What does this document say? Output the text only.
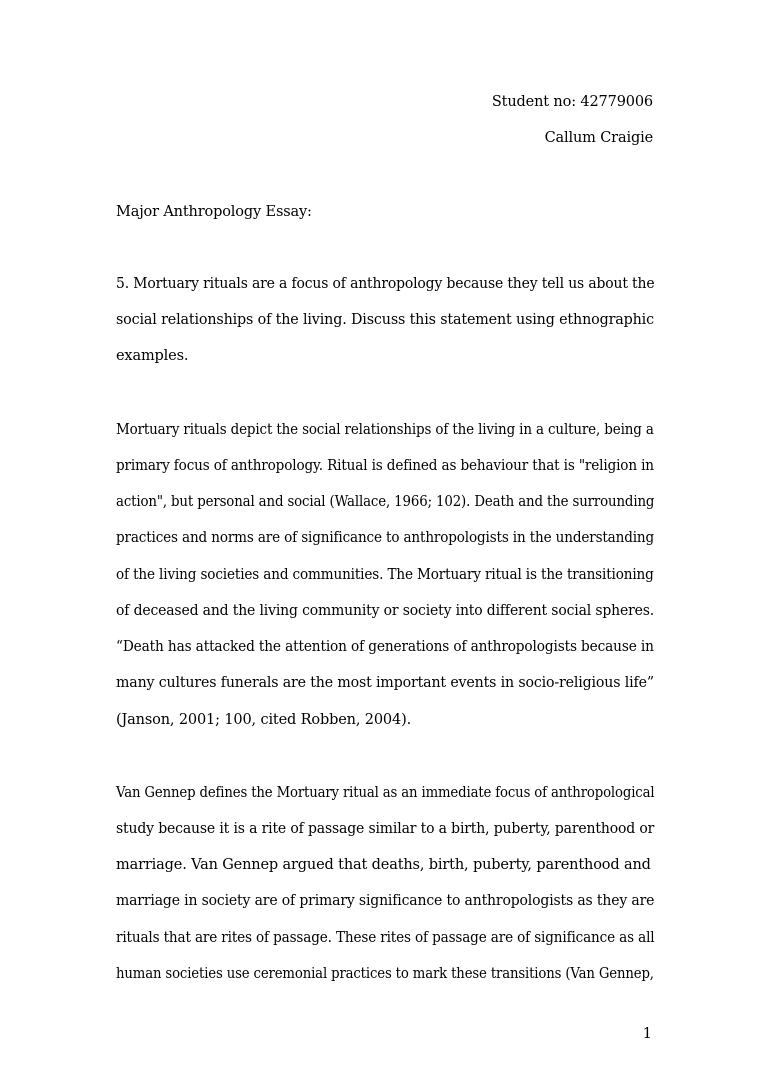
Student no: 42779006
Callum Craigie
Major Anthropology Essay:
5. Mortuary rituals are a focus of anthropology because they tell us about the
social relationships of the living. Discuss this statement using ethnographic
examples.
Mortuary rituals depict the social relationships of the living in a culture, being a
primary focus of anthropology. Ritual is defined as behaviour that is "religion in
action", but personal and social (Wallace, 1966; 102). Death and the surrounding
practices and norms are of significance to anthropologists in the understanding
of the living societies and communities. The Mortuary ritual is the transitioning
of deceased and the living community or society into different social spheres.
“Death has attacked the attention of generations of anthropologists because in
many cultures funerals are the most important events in socio-religious life”
(Janson, 2001; 100, cited Robben, 2004).
Van Gennep defines the Mortuary ritual as an immediate focus of anthropological
study because it is a rite of passage similar to a birth, puberty, parenthood or
marriage. Van Gennep argued that deaths, birth, puberty, parenthood and
marriage in society are of primary significance to anthropologists as they are
rituals that are rites of passage. These rites of passage are of significance as all
human societies use ceremonial practices to mark these transitions (Van Gennep,
1
